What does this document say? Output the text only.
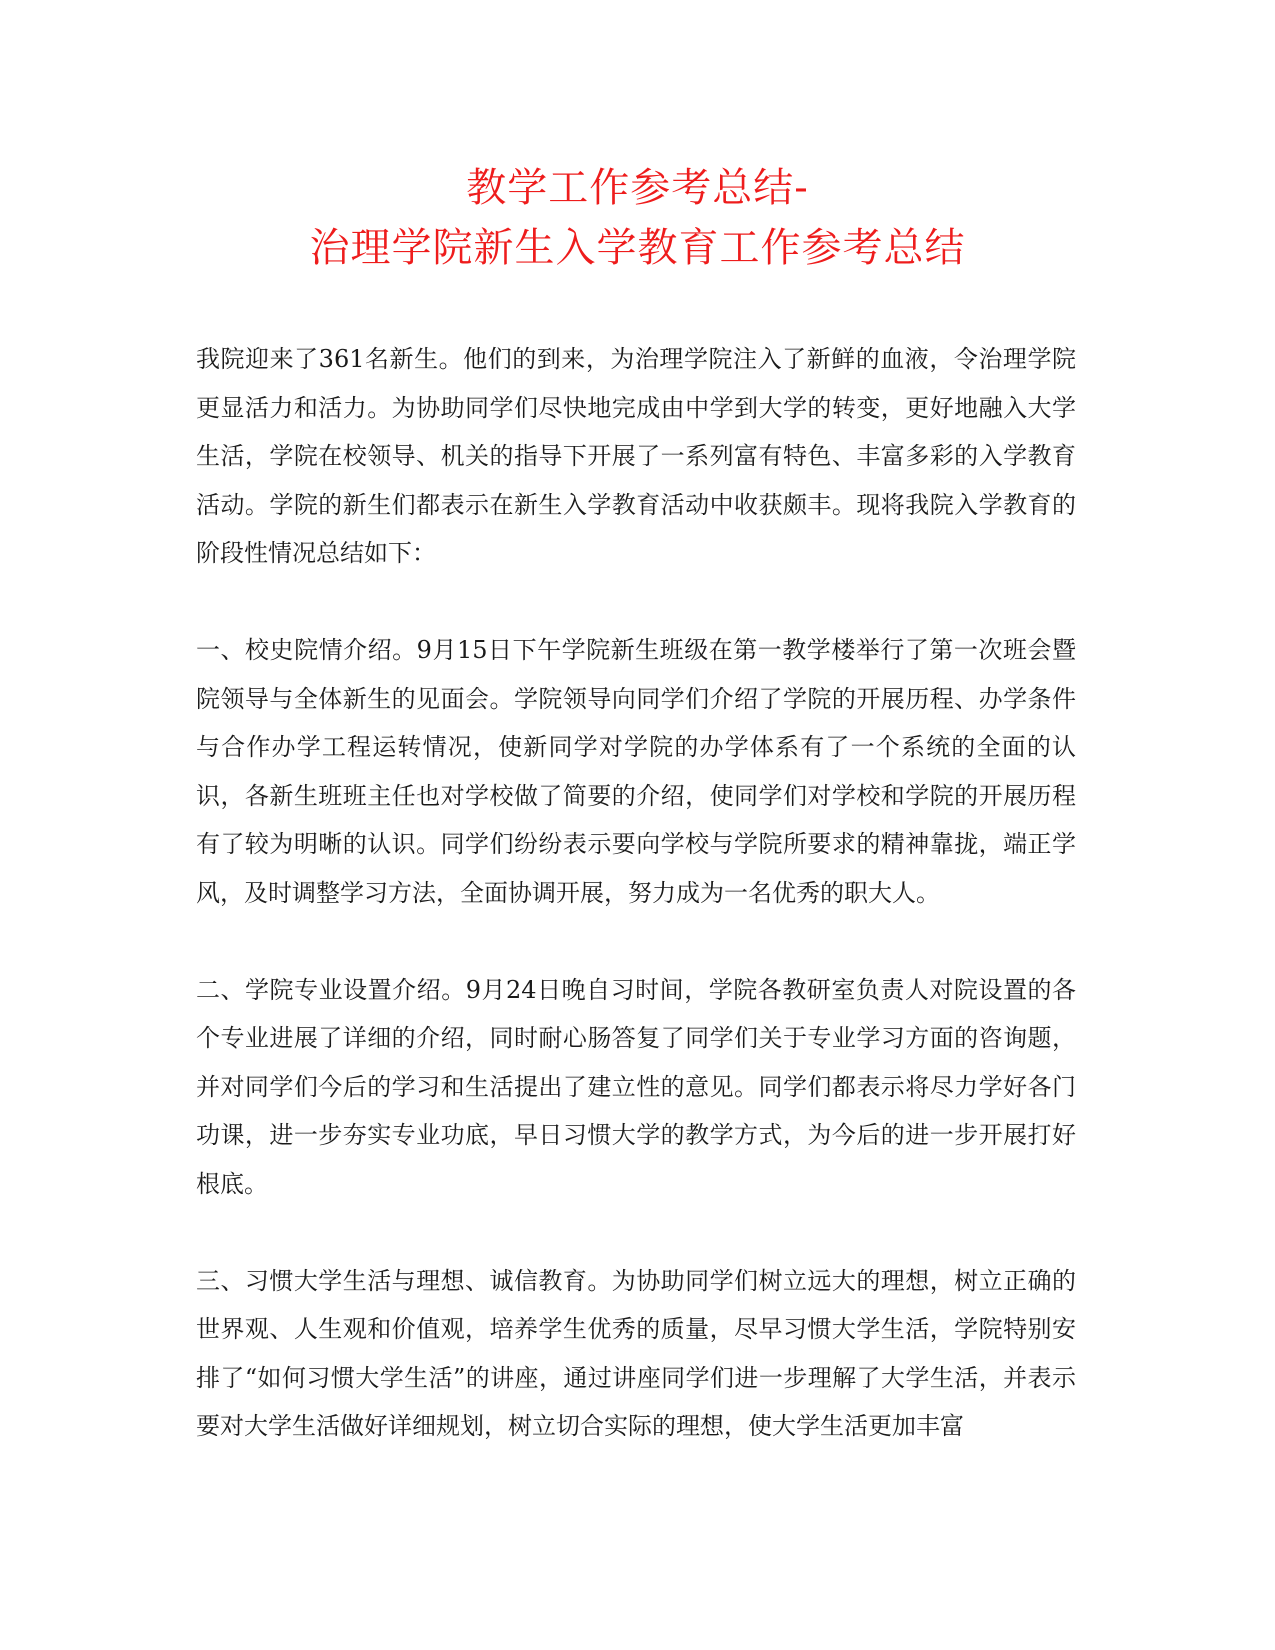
教学工作参考总结-
治理学院新生入学教育工作参考总结

我院迎来了361名新生。他们的到来，为治理学院注入了新鲜的血液，令治理学院更显活力和活力。为协助同学们尽快地完成由中学到大学的转变，更好地融入大学生活，学院在校领导、机关的指导下开展了一系列富有特色、丰富多彩的入学教育活动。学院的新生们都表示在新生入学教育活动中收获颇丰。现将我院入学教育的阶段性情况总结如下：

一、校史院情介绍。9月15日下午学院新生班级在第一教学楼举行了第一次班会暨院领导与全体新生的见面会。学院领导向同学们介绍了学院的开展历程、办学条件与合作办学工程运转情况，使新同学对学院的办学体系有了一个系统的全面的认识，各新生班班主任也对学校做了简要的介绍，使同学们对学校和学院的开展历程有了较为明晰的认识。同学们纷纷表示要向学校与学院所要求的精神靠拢，端正学风，及时调整学习方法，全面协调开展，努力成为一名优秀的职大人。

二、学院专业设置介绍。9月24日晚自习时间，学院各教研室负责人对院设置的各个专业进展了详细的介绍，同时耐心肠答复了同学们关于专业学习方面的咨询题，并对同学们今后的学习和生活提出了建立性的意见。同学们都表示将尽力学好各门功课，进一步夯实专业功底，早日习惯大学的教学方式，为今后的进一步开展打好根底。

三、习惯大学生活与理想、诚信教育。为协助同学们树立远大的理想，树立正确的世界观、人生观和价值观，培养学生优秀的质量，尽早习惯大学生活，学院特别安排了“如何习惯大学生活”的讲座，通过讲座同学们进一步理解了大学生活，并表示要对大学生活做好详细规划，树立切合实际的理想，使大学生活更加丰富
